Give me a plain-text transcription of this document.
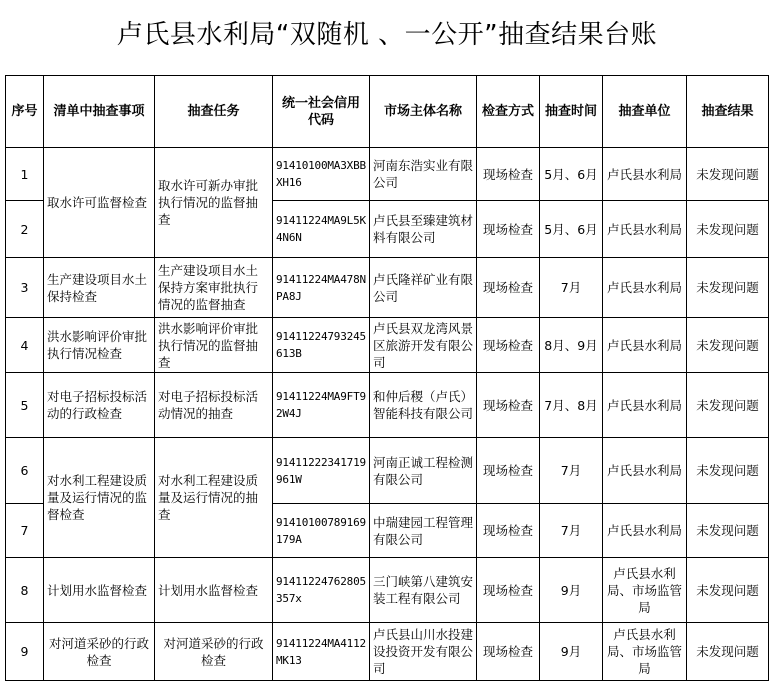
卢氏县水利局“双随机 、一公开”抽查结果台账
序号	清单中抽查事项	抽查任务	统一社会信用代码	市场主体名称	检查方式	抽查时间	抽查单位	抽查结果
1	取水许可监督检查	取水许可新办审批执行情况的监督抽查	91410100MA3XBBXH16	河南东浩实业有限公司	现场检查	5月、6月	卢氏县水利局	未发现问题
2			91411224MA9L5K4N6N	卢氏县至臻建筑材料有限公司	现场检查	5月、6月	卢氏县水利局	未发现问题
3	生产建设项目水土保持检查	生产建设项目水土保持方案审批执行情况的监督抽查	91411224MA478NPA8J	卢氏隆祥矿业有限公司	现场检查	7月	卢氏县水利局	未发现问题
4	洪水影响评价审批执行情况检查	洪水影响评价审批执行情况的监督抽查	91411224793245613B	卢氏县双龙湾风景区旅游开发有限公司	现场检查	8月、9月	卢氏县水利局	未发现问题
5	对电子招标投标活动的行政检查	对电子招标投标活动情况的抽查	91411224MA9FT92W4J	和仲后稷（卢氏）智能科技有限公司	现场检查	7月、8月	卢氏县水利局	未发现问题
6	对水利工程建设质量及运行情况的监督检查	对水利工程建设质量及运行情况的抽查	91411222341719961W	河南正诚工程检测有限公司	现场检查	7月	卢氏县水利局	未发现问题
7			91410100789169179A	中瑞建园工程管理有限公司	现场检查	7月	卢氏县水利局	未发现问题
8	计划用水监督检查	计划用水监督检查	91411224762805357x	三门峡第八建筑安装工程有限公司	现场检查	9月	卢氏县水利局、市场监管局	未发现问题
9	对河道采砂的行政检查	对河道采砂的行政检查	91411224MA4112MK13	卢氏县山川水投建设投资开发有限公司	现场检查	9月	卢氏县水利局、市场监管局	未发现问题
